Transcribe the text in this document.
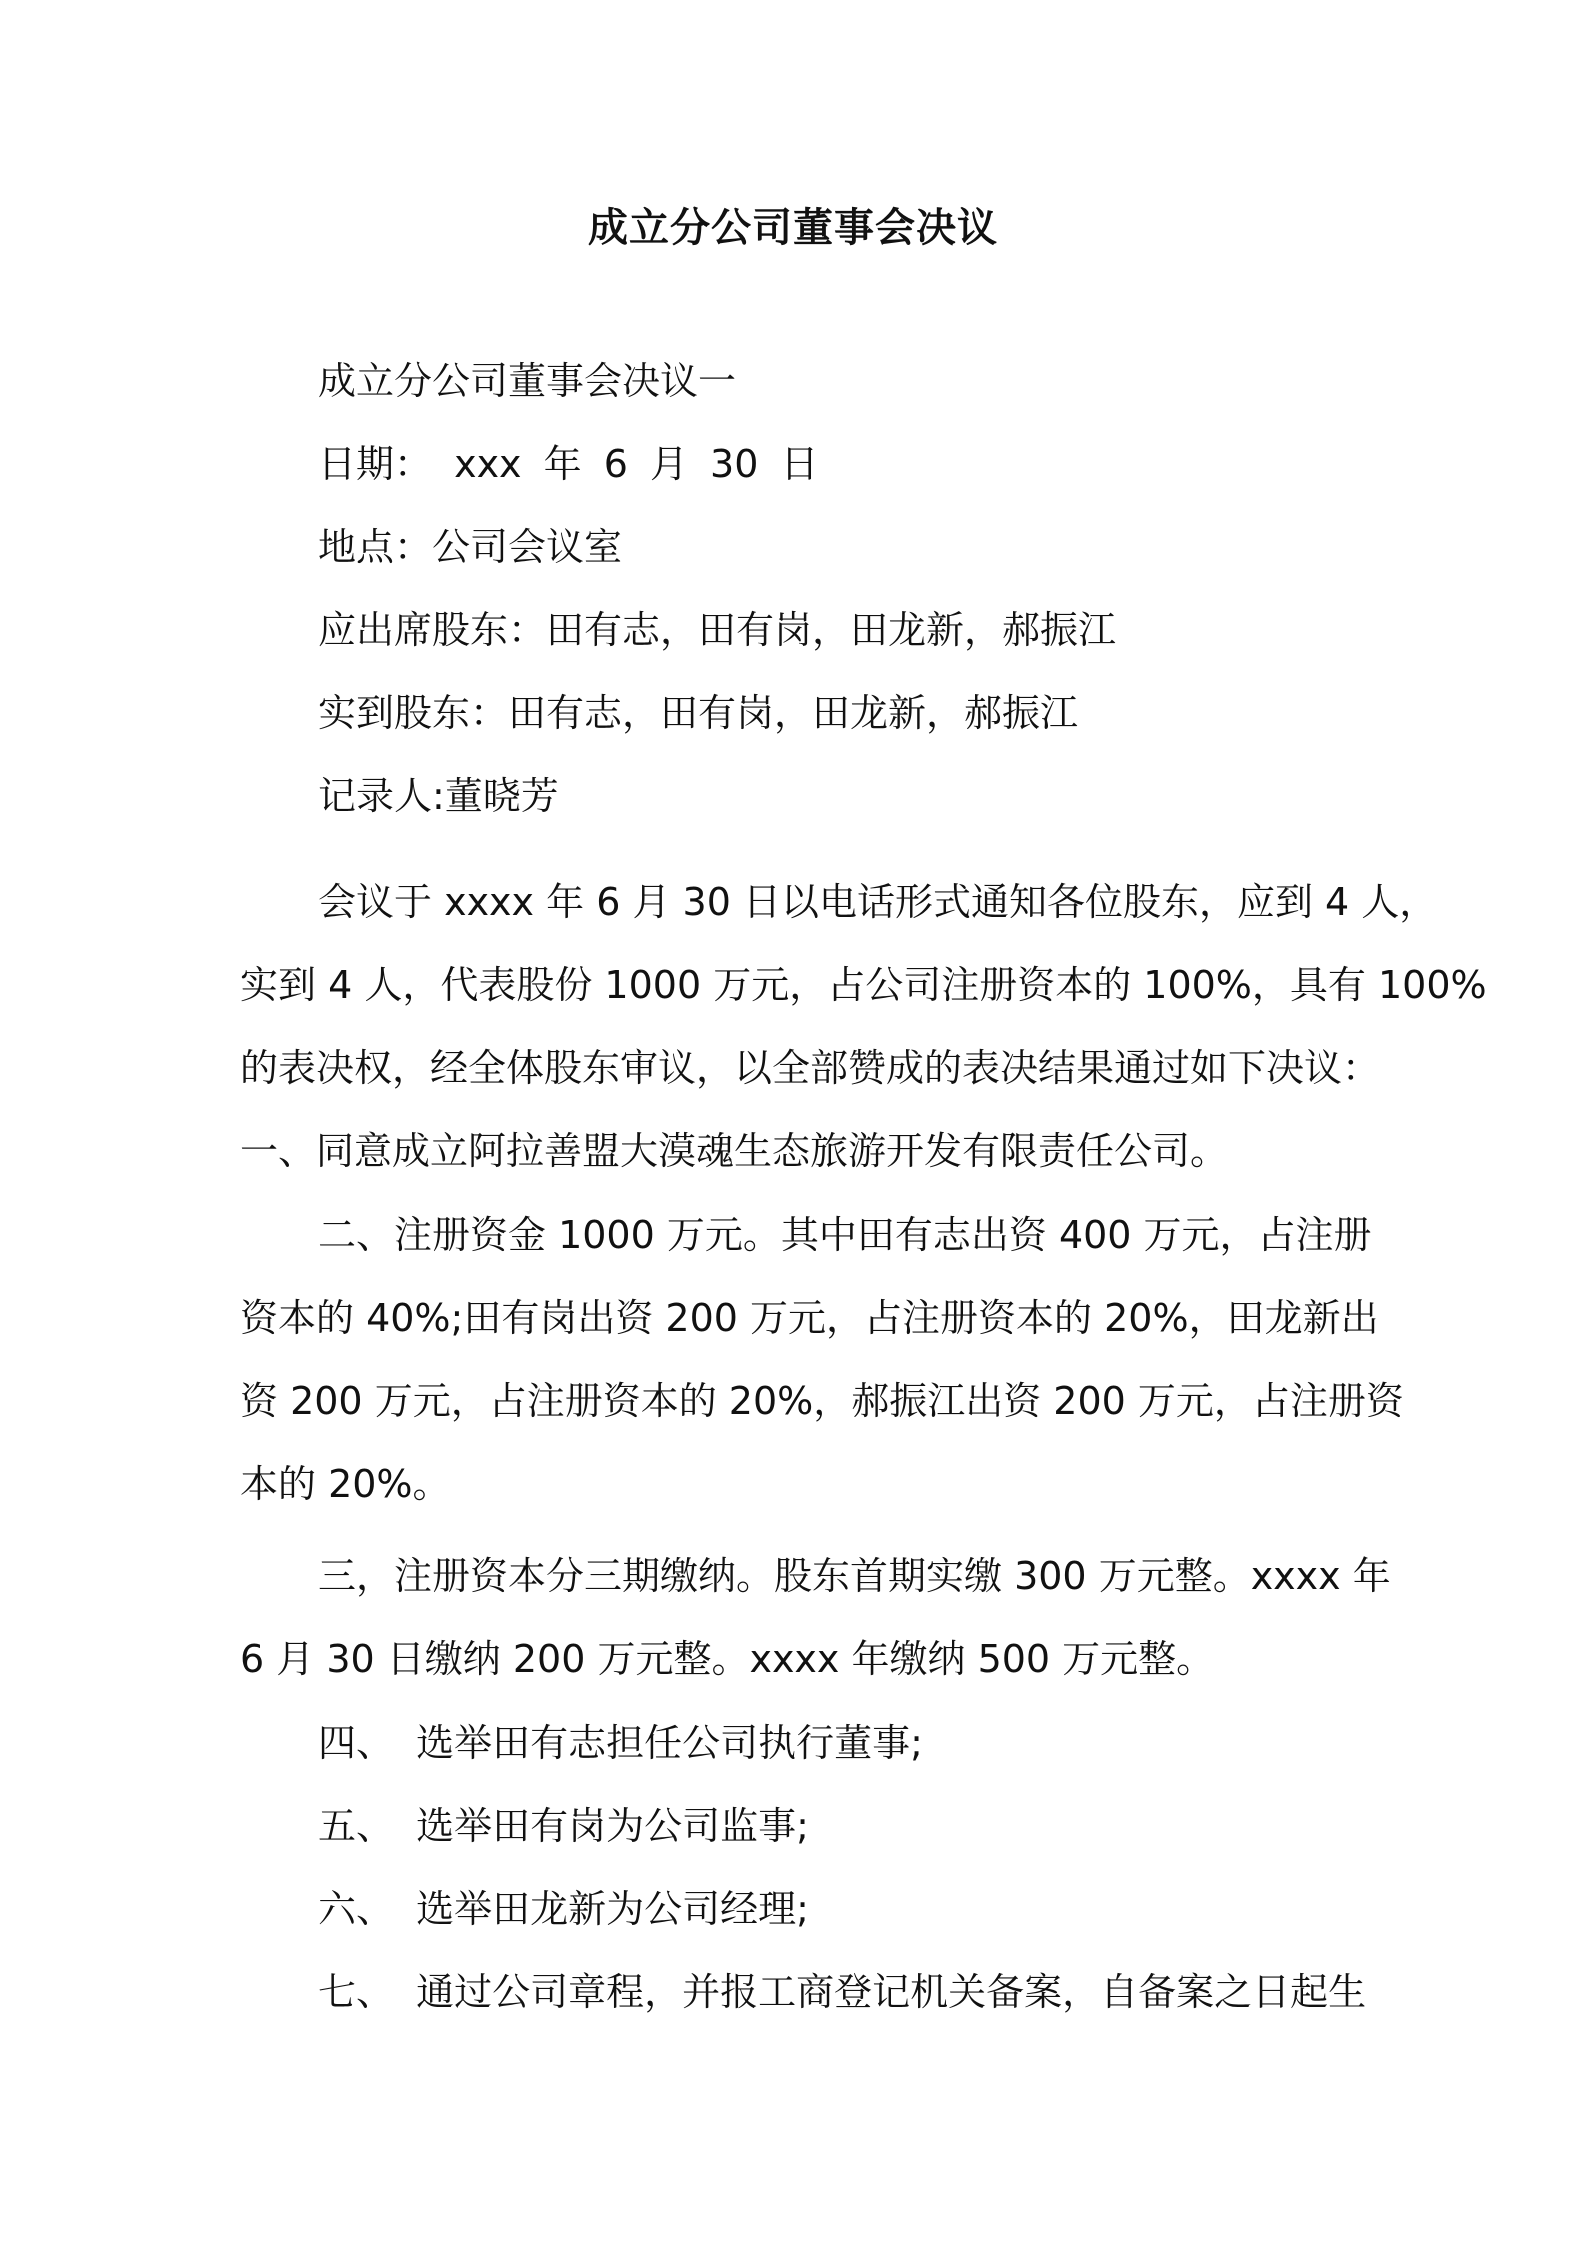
成立分公司董事会决议
成立分公司董事会决议一
日期： xxx 年 6 月 30 日
地点：公司会议室
应出席股东：田有志，田有岗，田龙新，郝振江
实到股东：田有志，田有岗，田龙新，郝振江
记录人:董晓芳
会议于 xxxx 年 6 月 30 日以电话形式通知各位股东，应到 4 人，
实到 4 人，代表股份 1000 万元，占公司注册资本的 100%，具有 100%
的表决权，经全体股东审议，以全部赞成的表决结果通过如下决议：
一、同意成立阿拉善盟大漠魂生态旅游开发有限责任公司。
二、注册资金 1000 万元。其中田有志出资 400 万元，占注册
资本的 40%;田有岗出资 200 万元，占注册资本的 20%，田龙新出
资 200 万元，占注册资本的 20%，郝振江出资 200 万元，占注册资
本的 20%。
三，注册资本分三期缴纳。股东首期实缴 300 万元整。xxxx 年
6 月 30 日缴纳 200 万元整。xxxx 年缴纳 500 万元整。
四、 选举田有志担任公司执行董事;
五、 选举田有岗为公司监事;
六、 选举田龙新为公司经理;
七、 通过公司章程，并报工商登记机关备案，自备案之日起生
